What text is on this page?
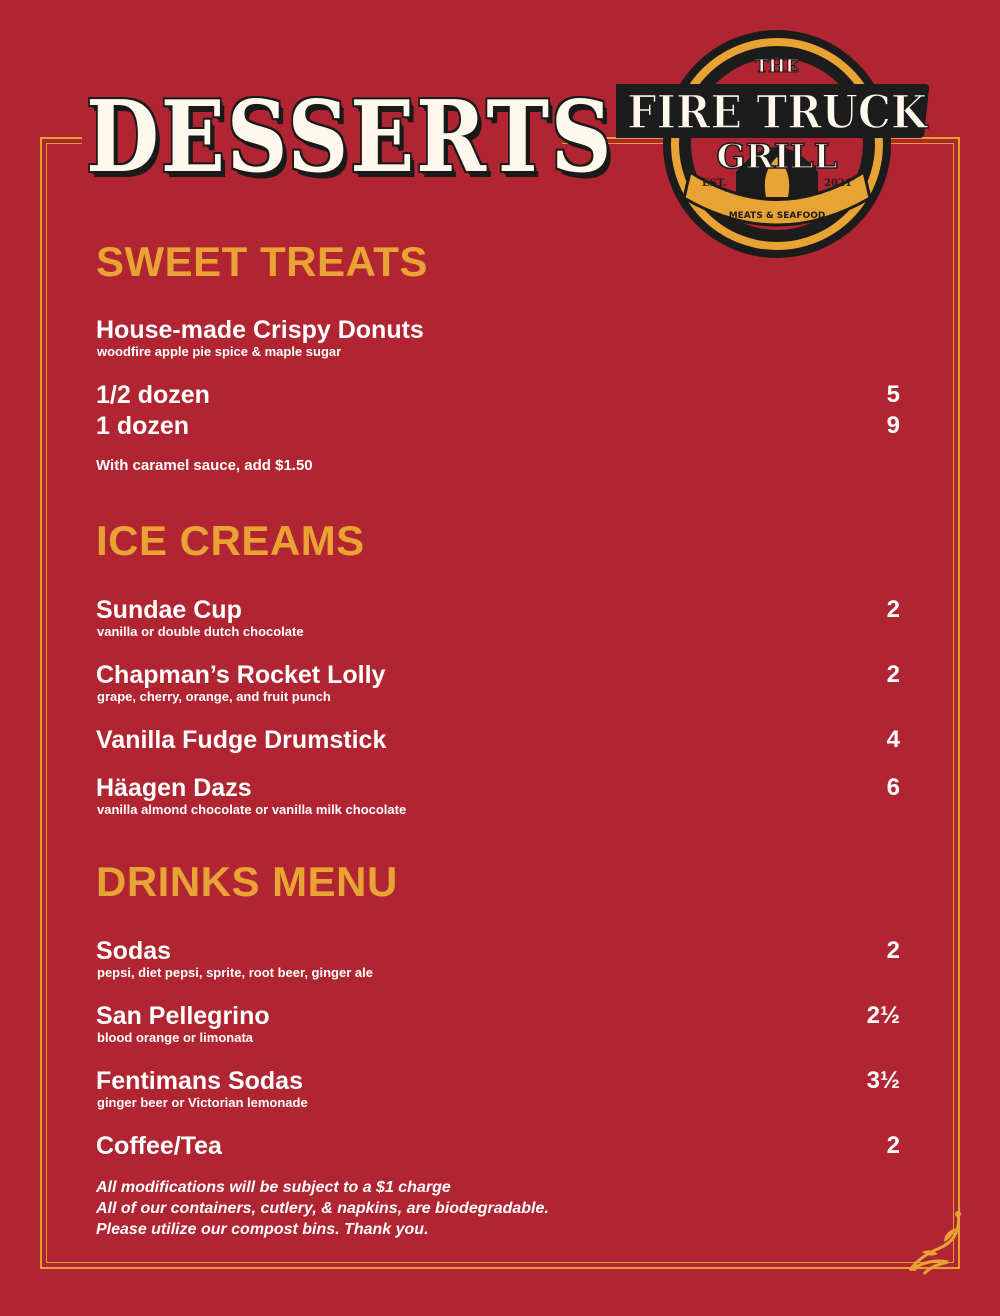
DESSERTS	EST.	2021
MEATS & SEAFOOD
THE
FIRE TRUCK
GRILL
SWEET TREATS
House-made Crispy Donuts
woodfire apple pie spice & maple sugar
1/2 dozen	5
1 dozen	9
With caramel sauce, add $1.50
ICE CREAMS
Sundae Cup	2
vanilla or double dutch chocolate
Chapman’s Rocket Lolly	2
grape, cherry, orange, and fruit punch
Vanilla Fudge Drumstick	4
Häagen Dazs	6
vanilla almond chocolate or vanilla milk chocolate
DRINKS MENU
Sodas	2
pepsi, diet pepsi, sprite, root beer, ginger ale
San Pellegrino	2½
blood orange or limonata
Fentimans Sodas	3½
ginger beer or Victorian lemonade
Coffee/Tea	2
All modifications will be subject to a $1 charge
All of our containers, cutlery, & napkins, are biodegradable.
Please utilize our compost bins. Thank you.
